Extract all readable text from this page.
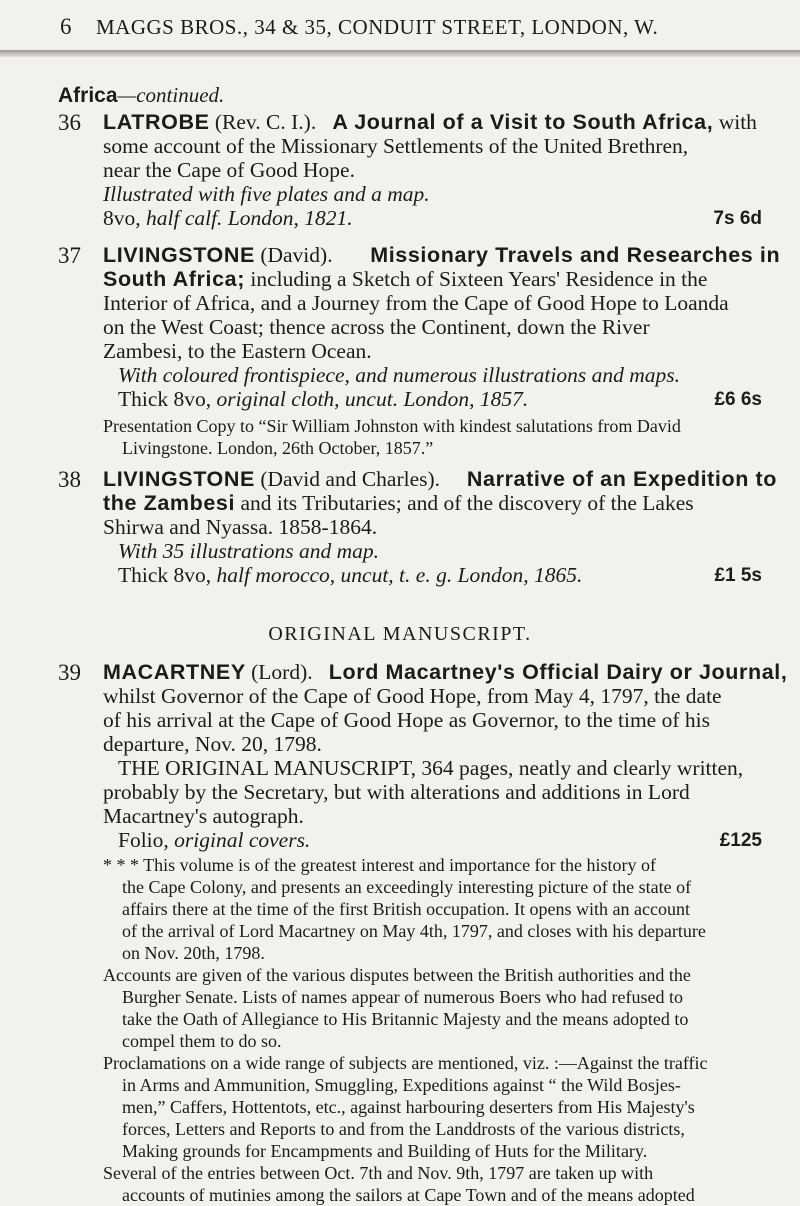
6 MAGGS BROS., 34 & 35, CONDUIT STREET, LONDON, W.
Africa—continued.
36 LATROBE (Rev. C. I.). A Journal of a Visit to South Africa, with
some account of the Missionary Settlements of the United Brethren,
near the Cape of Good Hope.
Illustrated with five plates and a map.
8vo, half calf. London, 1821.	7s 6d
37 LIVINGSTONE (David). Missionary Travels and Researches in
South Africa; including a Sketch of Sixteen Years' Residence in the
Interior of Africa, and a Journey from the Cape of Good Hope to Loanda
on the West Coast; thence across the Continent, down the River
Zambesi, to the Eastern Ocean.
With coloured frontispiece, and numerous illustrations and maps.
Thick 8vo, original cloth, uncut. London, 1857.	£6 6s
Presentation Copy to “Sir William Johnston with kindest salutations from David
Livingstone. London, 26th October, 1857.”
38 LIVINGSTONE (David and Charles). Narrative of an Expedition to
the Zambesi and its Tributaries; and of the discovery of the Lakes
Shirwa and Nyassa. 1858-1864.
With 35 illustrations and map.
Thick 8vo, half morocco, uncut, t. e. g. London, 1865.	£1 5s
ORIGINAL MANUSCRIPT.
39 MACARTNEY (Lord). Lord Macartney's Official Dairy or Journal,
whilst Governor of the Cape of Good Hope, from May 4, 1797, the date
of his arrival at the Cape of Good Hope as Governor, to the time of his
departure, Nov. 20, 1798.
THE ORIGINAL MANUSCRIPT, 364 pages, neatly and clearly written,
probably by the Secretary, but with alterations and additions in Lord
Macartney's autograph.
Folio, original covers.	£125
* * * This volume is of the greatest interest and importance for the history of
the Cape Colony, and presents an exceedingly interesting picture of the state of
affairs there at the time of the first British occupation. It opens with an account
of the arrival of Lord Macartney on May 4th, 1797, and closes with his departure
on Nov. 20th, 1798.
Accounts are given of the various disputes between the British authorities and the
Burgher Senate. Lists of names appear of numerous Boers who had refused to
take the Oath of Allegiance to His Britannic Majesty and the means adopted to
compel them to do so.
Proclamations on a wide range of subjects are mentioned, viz. :—Against the traffic
in Arms and Ammunition, Smuggling, Expeditions against “ the Wild Bosjes-
men,” Caffers, Hottentots, etc., against harbouring deserters from His Majesty's
forces, Letters and Reports to and from the Landdrosts of the various districts,
Making grounds for Encampments and Building of Huts for the Military.
Several of the entries between Oct. 7th and Nov. 9th, 1797 are taken up with
accounts of mutinies among the sailors at Cape Town and of the means adopted
